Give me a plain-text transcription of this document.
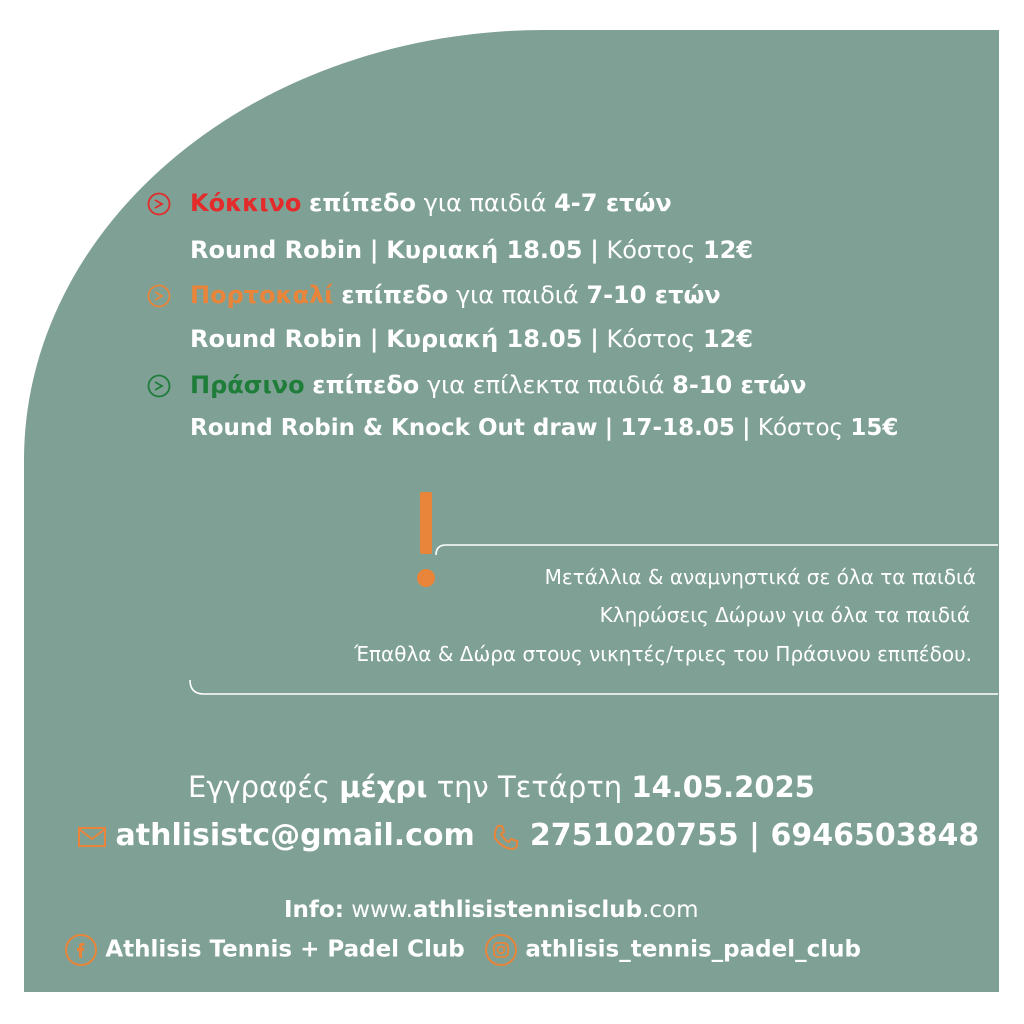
Κόκκινο επίπεδο για παιδιά 4-7 ετών
Round Robin | Κυριακή 18.05 | Κόστος 12€
Πορτοκαλί επίπεδο για παιδιά 7-10 ετών
Round Robin | Κυριακή 18.05 | Κόστος 12€
Πράσινο επίπεδο για επίλεκτα παιδιά 8-10 ετών
Round Robin & Knock Out draw | 17-18.05 | Κόστος 15€
Μετάλλια & αναμνηστικά σε όλα τα παιδιά
Κληρώσεις Δώρων για όλα τα παιδιά
Έπαθλα & Δώρα στους νικητές/τριες του Πράσινου επιπέδου.
Εγγραφές μέχρι την Τετάρτη 14.05.2025
athlisistc@gmail.com 2751020755 | 6946503848
Info: www.athlisistennisclub.com
Athlisis Tennis + Padel Club	athlisis_tennis_padel_club
